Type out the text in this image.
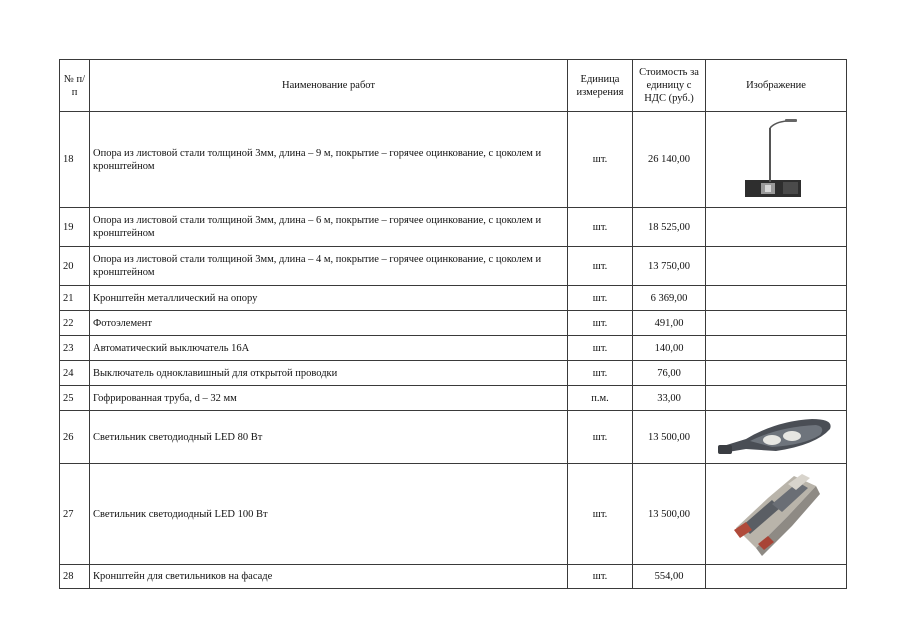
№ п/п	Наименование работ	Единица измерения	Стоимость за единицу с НДС (руб.)	Изображение
18	Опора из листовой стали толщиной 3мм, длина – 9 м, покрытие – горячее оцинкование, с цоколем и кронштейном	шт.	26 140,00	

19	Опора из листовой стали толщиной 3мм, длина – 6 м, покрытие – горячее оцинкование, с цоколем и кронштейном	шт.	18 525,00	
20	Опора из листовой стали толщиной 3мм, длина – 4 м, покрытие – горячее оцинкование, с цоколем и кронштейном	шт.	13 750,00	
21	Кронштейн металлический на опору	шт.	6 369,00	
22	Фотоэлемент	шт.	491,00	
23	Автоматический выключатель 16А	шт.	140,00	
24	Выключатель одноклавишный для открытой проводки	шт.	76,00	
25	Гофрированная труба, d – 32 мм	п.м.	33,00	
26	Светильник светодиодный LED 80 Вт	шт.	13 500,00	

27	Светильник светодиодный LED 100 Вт	шт.	13 500,00	

28	Кронштейн для светильников на фасаде	шт.	554,00	
